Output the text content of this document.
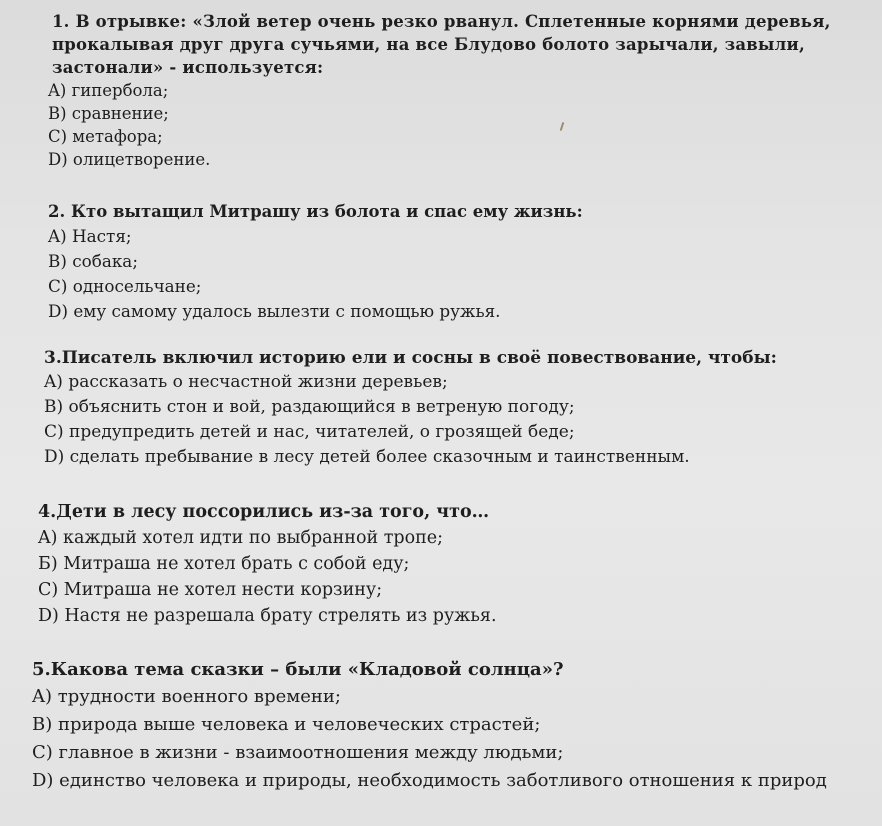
1. В отрывке: «Злой ветер очень резко рванул. Сплетенные корнями деревья,
прокалывая друг друга сучьями, на все Блудово болото зарычали, завыли,
застонали» - используется:
A) гипербола;
B) сравнение;
C) метафора;
D) олицетворение.
2. Кто вытащил Митрашу из болота и спас ему жизнь:
A) Настя;
B) собака;
C) односельчане;
D) ему самому удалось вылезти с помощью ружья.
3.Писатель включил историю ели и сосны в своё повествование, чтобы:
A) рассказать о несчастной жизни деревьев;
B) объяснить стон и вой, раздающийся в ветреную погоду;
C) предупредить детей и нас, читателей, о грозящей беде;
D) сделать пребывание в лесу детей более сказочным и таинственным.
4.Дети в лесу поссорились из-за того, что…
A) каждый хотел идти по выбранной тропе;
Б) Митраша не хотел брать с собой еду;
C) Митраша не хотел нести корзину;
D) Настя не разрешала брату стрелять из ружья.
5.Какова тема сказки – были «Кладовой солнца»?
A) трудности военного времени;
B) природа выше человека и человеческих страстей;
C) главное в жизни - взаимоотношения между людьми;
D) единство человека и природы, необходимость заботливого отношения к природ
